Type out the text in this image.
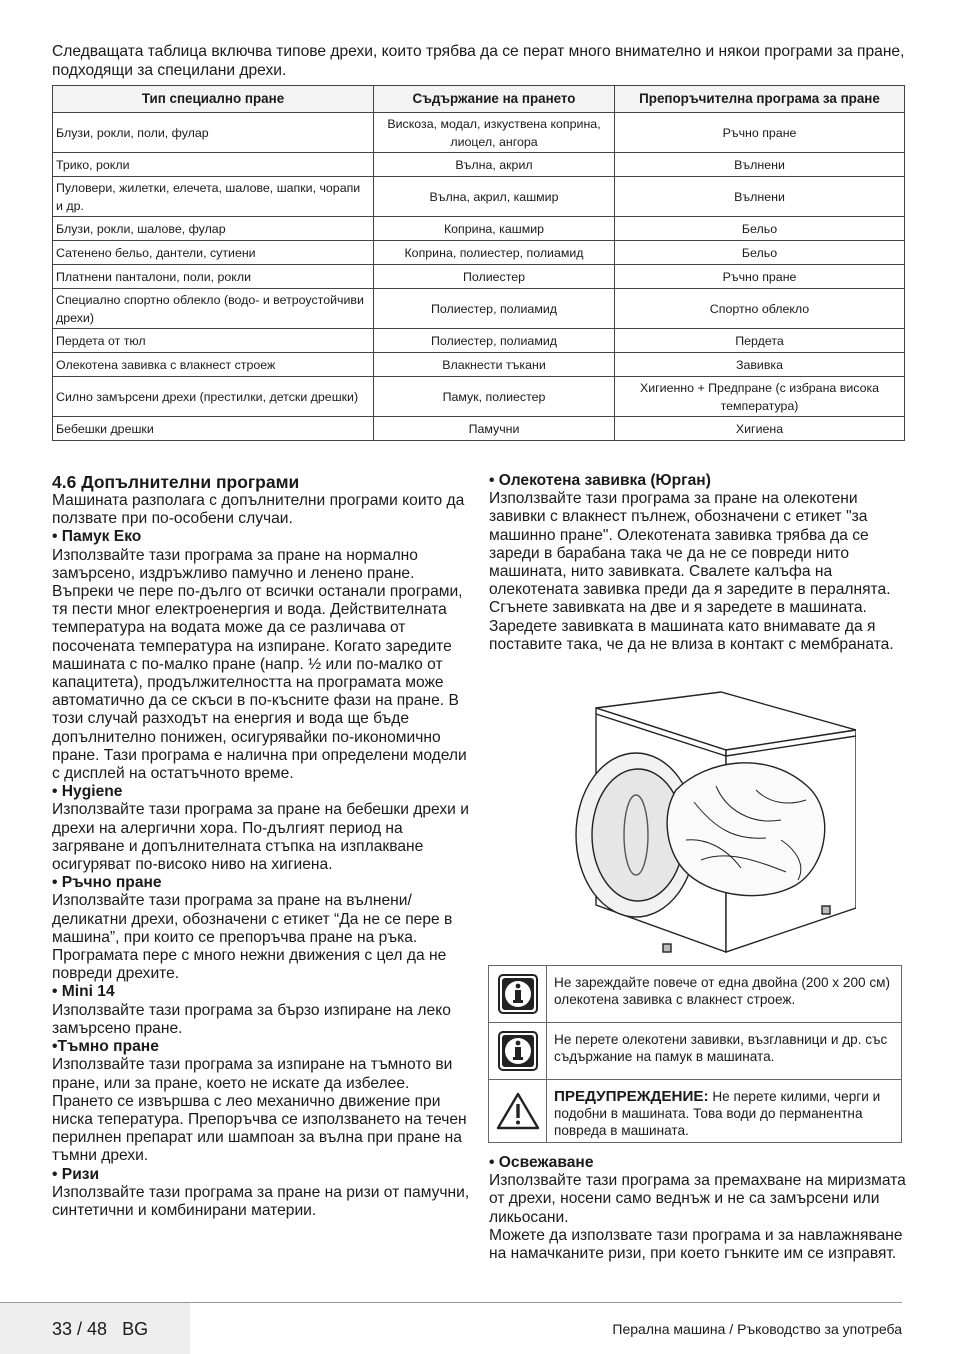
Следващата таблица включва типове дрехи, които трябва да се перат много внимателно и някои програми за пране, подходящи за специлани дрехи.
Тип специално пране	Съдържание на прането	Препоръчителна програма за пране
Блузи, рокли, поли, фулар	Вискоза, модал, изкуствена коприна, лиоцел, ангора	Ръчно пране
Трико, рокли	Вълна, акрил	Вълнени
Пуловери, жилетки, елечета, шалове, шапки, чорапи и др.	Вълна, акрил, кашмир	Вълнени
Блузи, рокли, шалове, фулар	Коприна, кашмир	Бельо
Сатенено бельо, дантели, сутиени	Коприна, полиестер, полиамид	Бельо
Платнени панталони, поли, рокли	Полиестер	Ръчно пране
Специално спортно облекло (водо- и ветроустойчиви дрехи)	Полиестер, полиамид	Спортно облекло
Пердета от тюл	Полиестер, полиамид	Пердета
Олекотена завивка с влакнест строеж	Влакнести тъкани	Завивка
Силно замърсени дрехи (престилки, детски дрешки)	Памук, полиестер	Хигиенно + Предпране (с избрана висока температура)
Бебешки дрешки	Памучни	Хигиена
4.6 Допълнителни програми

Машината разполага с допълнителни програми които да ползвате при по-особени случаи.

• Памук Еко

Използвайте тази програма за пране на нормално замърсено, издръжливо памучно и ленено пране. Въпреки че пере по-дълго от всички останали програми, тя пести мног електроенергия и вода. Действителната температура на водата може да се различава от посочената температура на изпиране. Когато заредите машината с по-малко пране (напр. ½ или по-малко от капацитета), продължителността на програмата може автоматично да се скъси в по-късните фази на пране. В този случай разходът на енергия и вода ще бъде допълнително понижен, осигурявайки по-икономично пране. Тази програма е налична при определени модели с дисплей на остатъчното време.

• Hygiene

Използвайте тази програма за пране на бебешки дрехи и дрехи на алергични хора. По-дългият период на загряване и допълнителната стъпка на изплакване осигуряват по-високо ниво на хигиена.

• Ръчно пране

Използвайте тази програма за пране на вълнени/ деликатни дрехи, обозначени с етикет “Да не се пере в машина”, при които се препоръчва пране на ръка. Програмата пере с много нежни движения с цел да не повреди дрехите.

• Mini 14

Използвайте тази програма за бързо изпиране на леко замърсено пране.

•Тъмно пране

Използвайте тази програма за изпиране на тъмното ви пране, или за пране, което не искате да избелее. Прането се извършва с лео механично движение при ниска тепература. Препоръчва се използването на течен перилнен препарат или шампоан за вълна при пране на тъмни дрехи.

• Ризи

Използвайте тази програма за пране на ризи от памучни, синтетични и комбинирани материи.

• Олекотена завивка (Юрган)

Използвайте тази програма за пране на олекотени завивки с влакнест пълнеж, обозначени с етикет "за машинно пране". Олекотената завивка трябва да се зареди в барабана така че да не се повреди нито машината, нито завивката. Свалете калъфа на олекотената завивка преди да я заредите в пералнята. Сгънете завивката на две и я заредете в машината. Заредете завивката в машината като внимавате да я поставите така, че да не влиза в контакт с мембраната.

Не зареждайте повече от една двойна (200 x 200 см) олекотена завивка с влакнест строеж.
Не перете олекотени завивки, възглавници и др. със съдържание на памук в машината.
ПРЕДУПРЕЖДЕНИЕ: Не перете килими, черги и подобни в машината. Това води до перманентна повреда в машината.

• Освежаване

Използвайте тази програма за премахване на миризмата от дрехи, носени само веднъж и не са замърсени или ликьосани.

Можете да използвате тази програма и за навлажняване на намачканите ризи, при което гънките им се изправят.

33 / 48 BG	Перална машина / Ръководство за употреба
